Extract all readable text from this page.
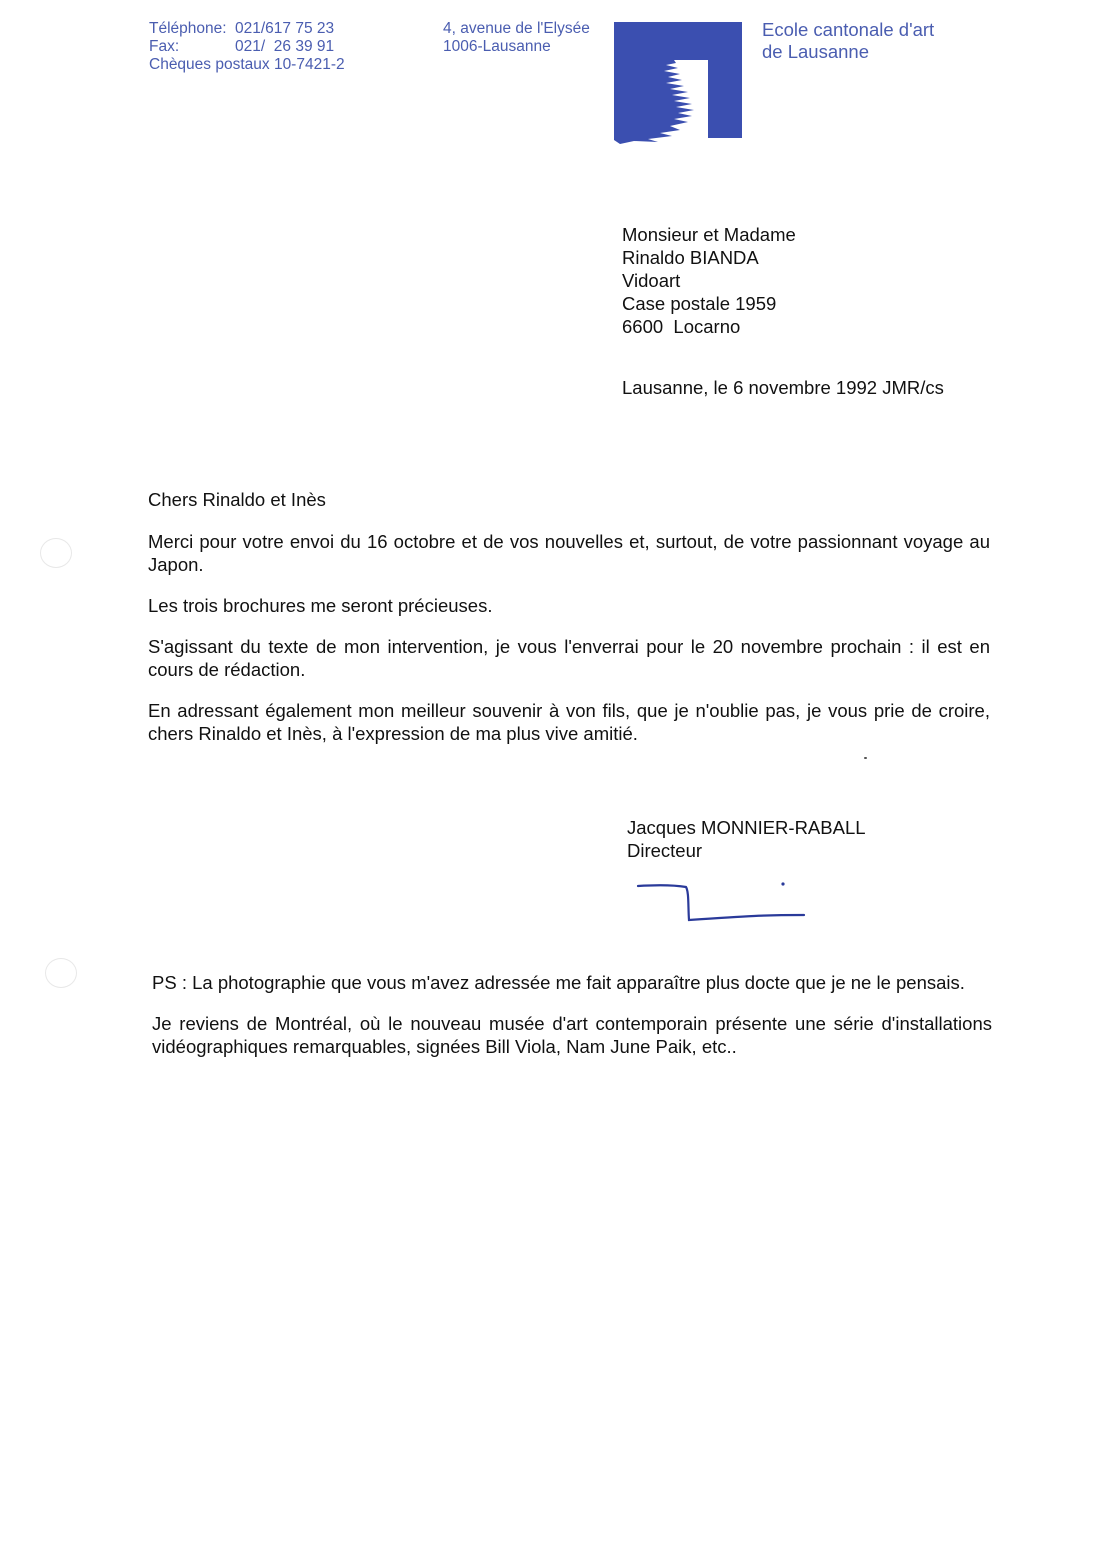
Téléphone: 021/617 75 23
Fax:	021/  26 39 91
Chèques postaux 10-7421-2
4, avenue de l'Elysée
1006-Lausanne
Ecole cantonale d'art
de Lausanne
Monsieur et Madame
Rinaldo BIANDA
Vidoart
Case postale 1959
6600  Locarno
Lausanne, le 6 novembre 1992 JMR/cs

Chers Rinaldo et Inès

Merci pour votre envoi du 16 octobre et de vos nouvelles et, surtout, de votre passionnant voyage au Japon.

Les trois brochures me seront précieuses.

S'agissant du texte de mon intervention, je vous l'enverrai pour le 20 novembre prochain : il est en cours de rédaction.

En adressant également mon meilleur souvenir à von fils, que je n'oublie pas, je vous prie de croire, chers Rinaldo et Inès, à l'expression de ma plus vive amitié.

Jacques MONNIER-RABALL
Directeur

PS : La photographie que vous m'avez adressée me fait apparaître plus docte que je ne le pensais.

Je reviens de Montréal, où le nouveau musée d'art contemporain présente une série d'installations vidéographiques remarquables, signées Bill Viola, Nam June Paik, etc..
